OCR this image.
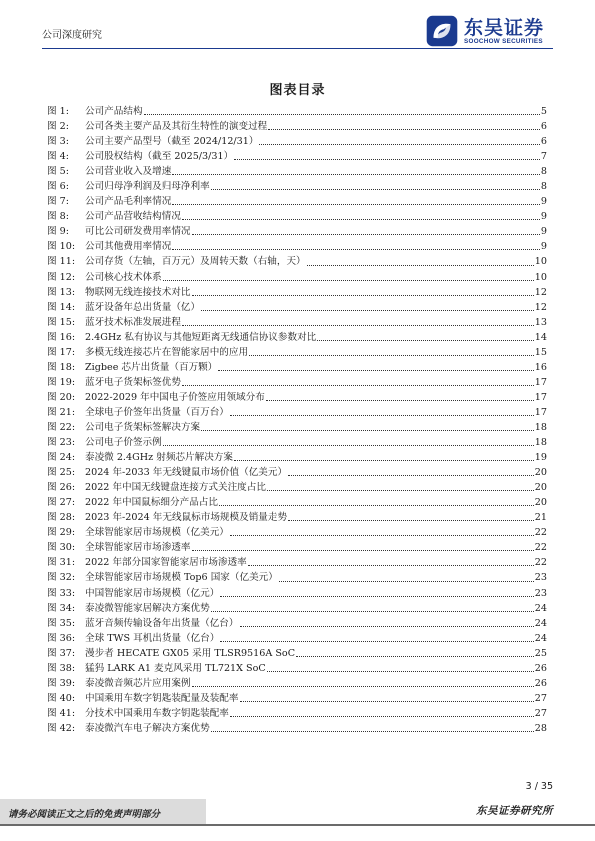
公司深度研究	东吴证券
SOOCHOW SECURITIES
图表目录
图 1:	公司产品结构	5
图 2:	公司各类主要产品及其衍生特性的演变过程	6
图 3:	公司主要产品型号（截至 2024/12/31）	6
图 4:	公司股权结构（截至 2025/3/31）	7
图 5:	公司营业收入及增速	8
图 6:	公司归母净利润及归母净利率	8
图 7:	公司产品毛利率情况	9
图 8:	公司产品营收结构情况	9
图 9:	可比公司研发费用率情况	9
图 10:	公司其他费用率情况	9
图 11:	公司存货（左轴，百万元）及周转天数（右轴，天）	10
图 12:	公司核心技术体系	10
图 13:	物联网无线连接技术对比	12
图 14:	蓝牙设备年总出货量（亿）	12
图 15:	蓝牙技术标准发展进程	13
图 16:	2.4GHz 私有协议与其他短距离无线通信协议参数对比	14
图 17:	多模无线连接芯片在智能家居中的应用	15
图 18:	Zigbee 芯片出货量（百万颗）	16
图 19:	蓝牙电子货架标签优势	17
图 20:	2022-2029 年中国电子价签应用领域分布	17
图 21:	全球电子价签年出货量（百万台）	17
图 22:	公司电子货架标签解决方案	18
图 23:	公司电子价签示例	18
图 24:	泰凌微 2.4GHz 射频芯片解决方案	19
图 25:	2024 年-2033 年无线键鼠市场价值（亿美元）	20
图 26:	2022 年中国无线键盘连接方式关注度占比	20
图 27:	2022 年中国鼠标细分产品占比	20
图 28:	2023 年-2024 年无线鼠标市场规模及销量走势	21
图 29:	全球智能家居市场规模（亿美元）	22
图 30:	全球智能家居市场渗透率	22
图 31:	2022 年部分国家智能家居市场渗透率	22
图 32:	全球智能家居市场规模 Top6 国家（亿美元）	23
图 33:	中国智能家居市场规模（亿元）	23
图 34:	泰凌微智能家居解决方案优势	24
图 35:	蓝牙音频传输设备年出货量（亿台）	24
图 36:	全球 TWS 耳机出货量（亿台）	24
图 37:	漫步者 HECATE GX05 采用 TLSR9516A SoC	25
图 38:	猛犸 LARK A1 麦克风采用 TL721X SoC	26
图 39:	泰凌微音频芯片应用案例	26
图 40:	中国乘用车数字钥匙装配量及装配率	27
图 41:	分技术中国乘用车数字钥匙装配率	27
图 42:	泰凌微汽车电子解决方案优势	28
3 / 35
请务必阅读正文之后的免责声明部分	东吴证券研究所
